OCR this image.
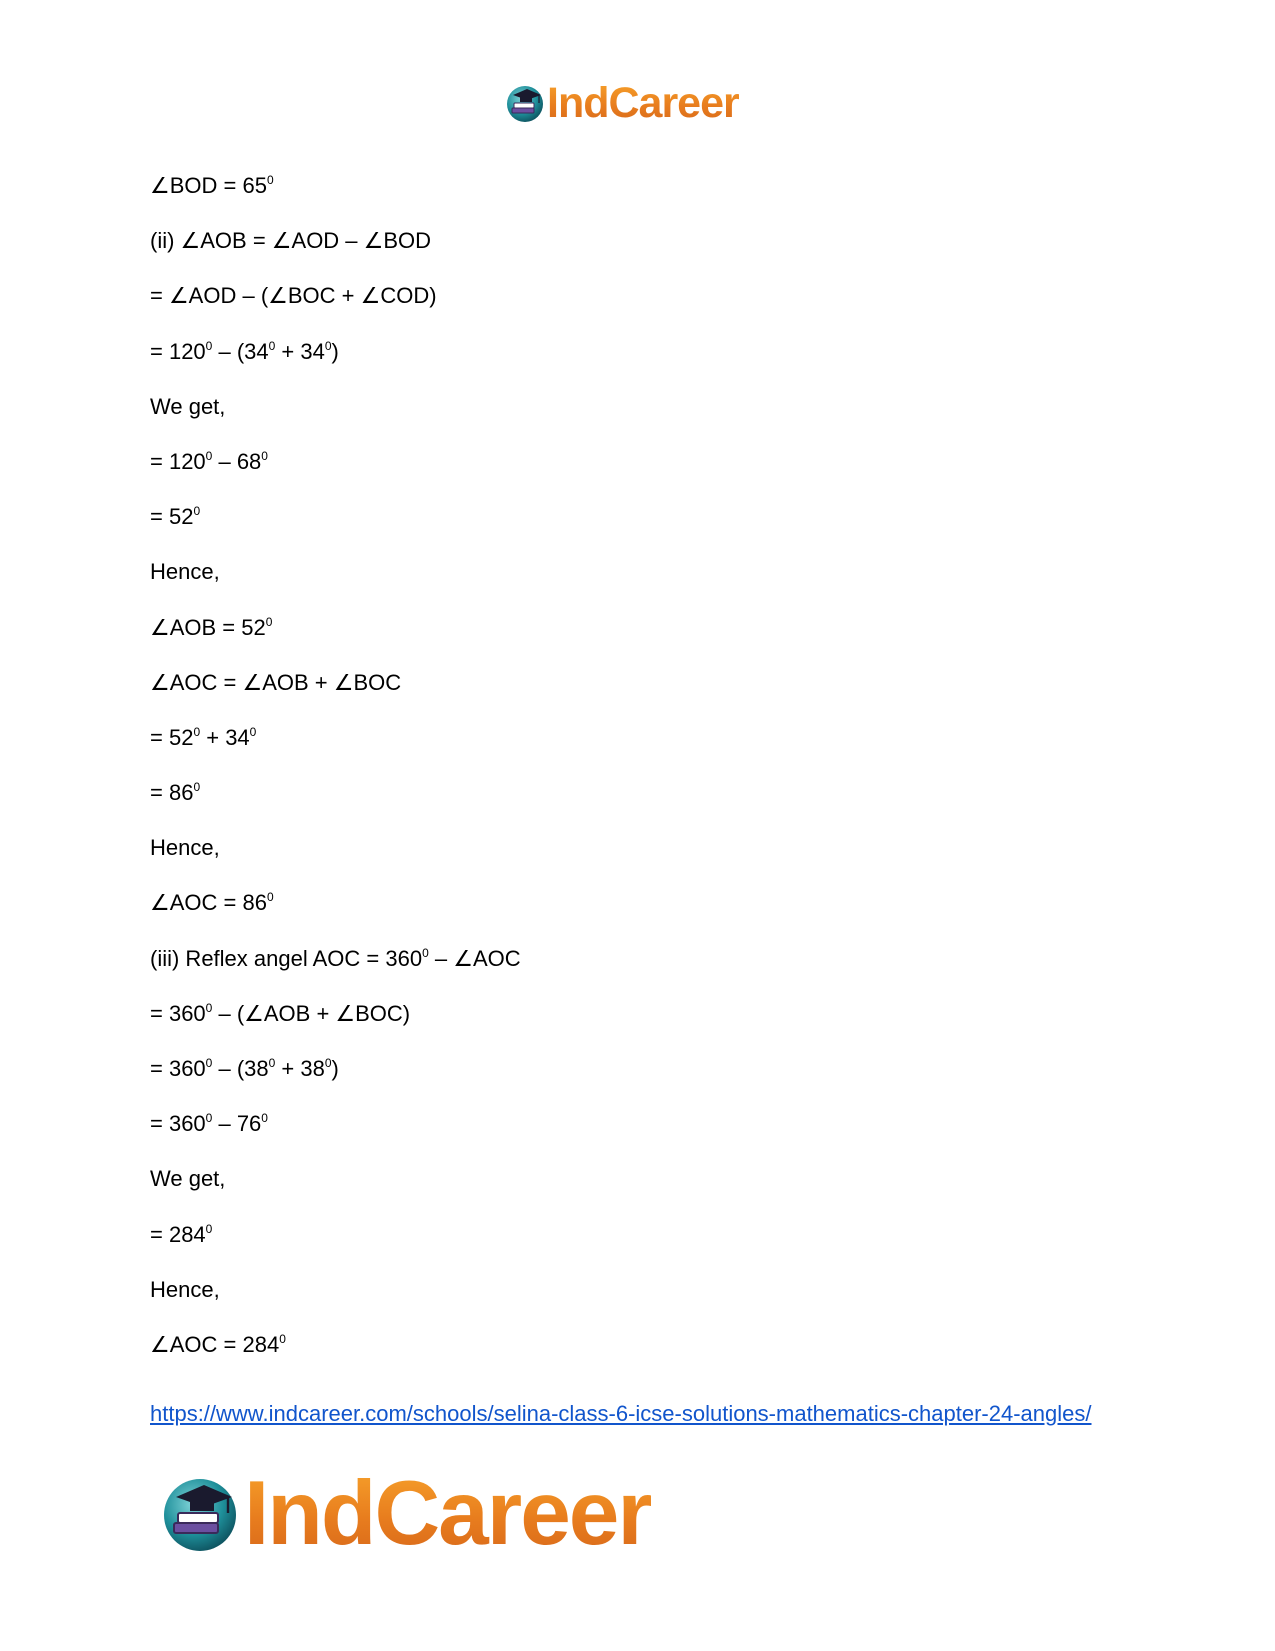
IndCareer
∠BOD = $65^0$
(ii) ∠AOB = ∠AOD – ∠BOD
= ∠AOD – (∠BOC + ∠COD)
= $120^0 - (34^0 + 34^0)$
We get,
= $120^0 - 68^0$
= $52^0$
Hence,
∠AOB = $52^0$
∠AOC = ∠AOB + ∠BOC
= $52^0 + 34^0$
= $86^0$
Hence,
∠AOC = $86^0$
(iii) Reflex angel AOC = $360^0$ – ∠AOC
= $360^0$ – (∠AOB + ∠BOC)
= $360^0 - (38^0 + 38^0)$
= $360^0 - 76^0$
We get,
= $284^0$
Hence,
∠AOC = $284^0$
https://www.indcareer.com/schools/selina-class-6-icse-solutions-mathematics-chapter-24-angles/
IndCareer
